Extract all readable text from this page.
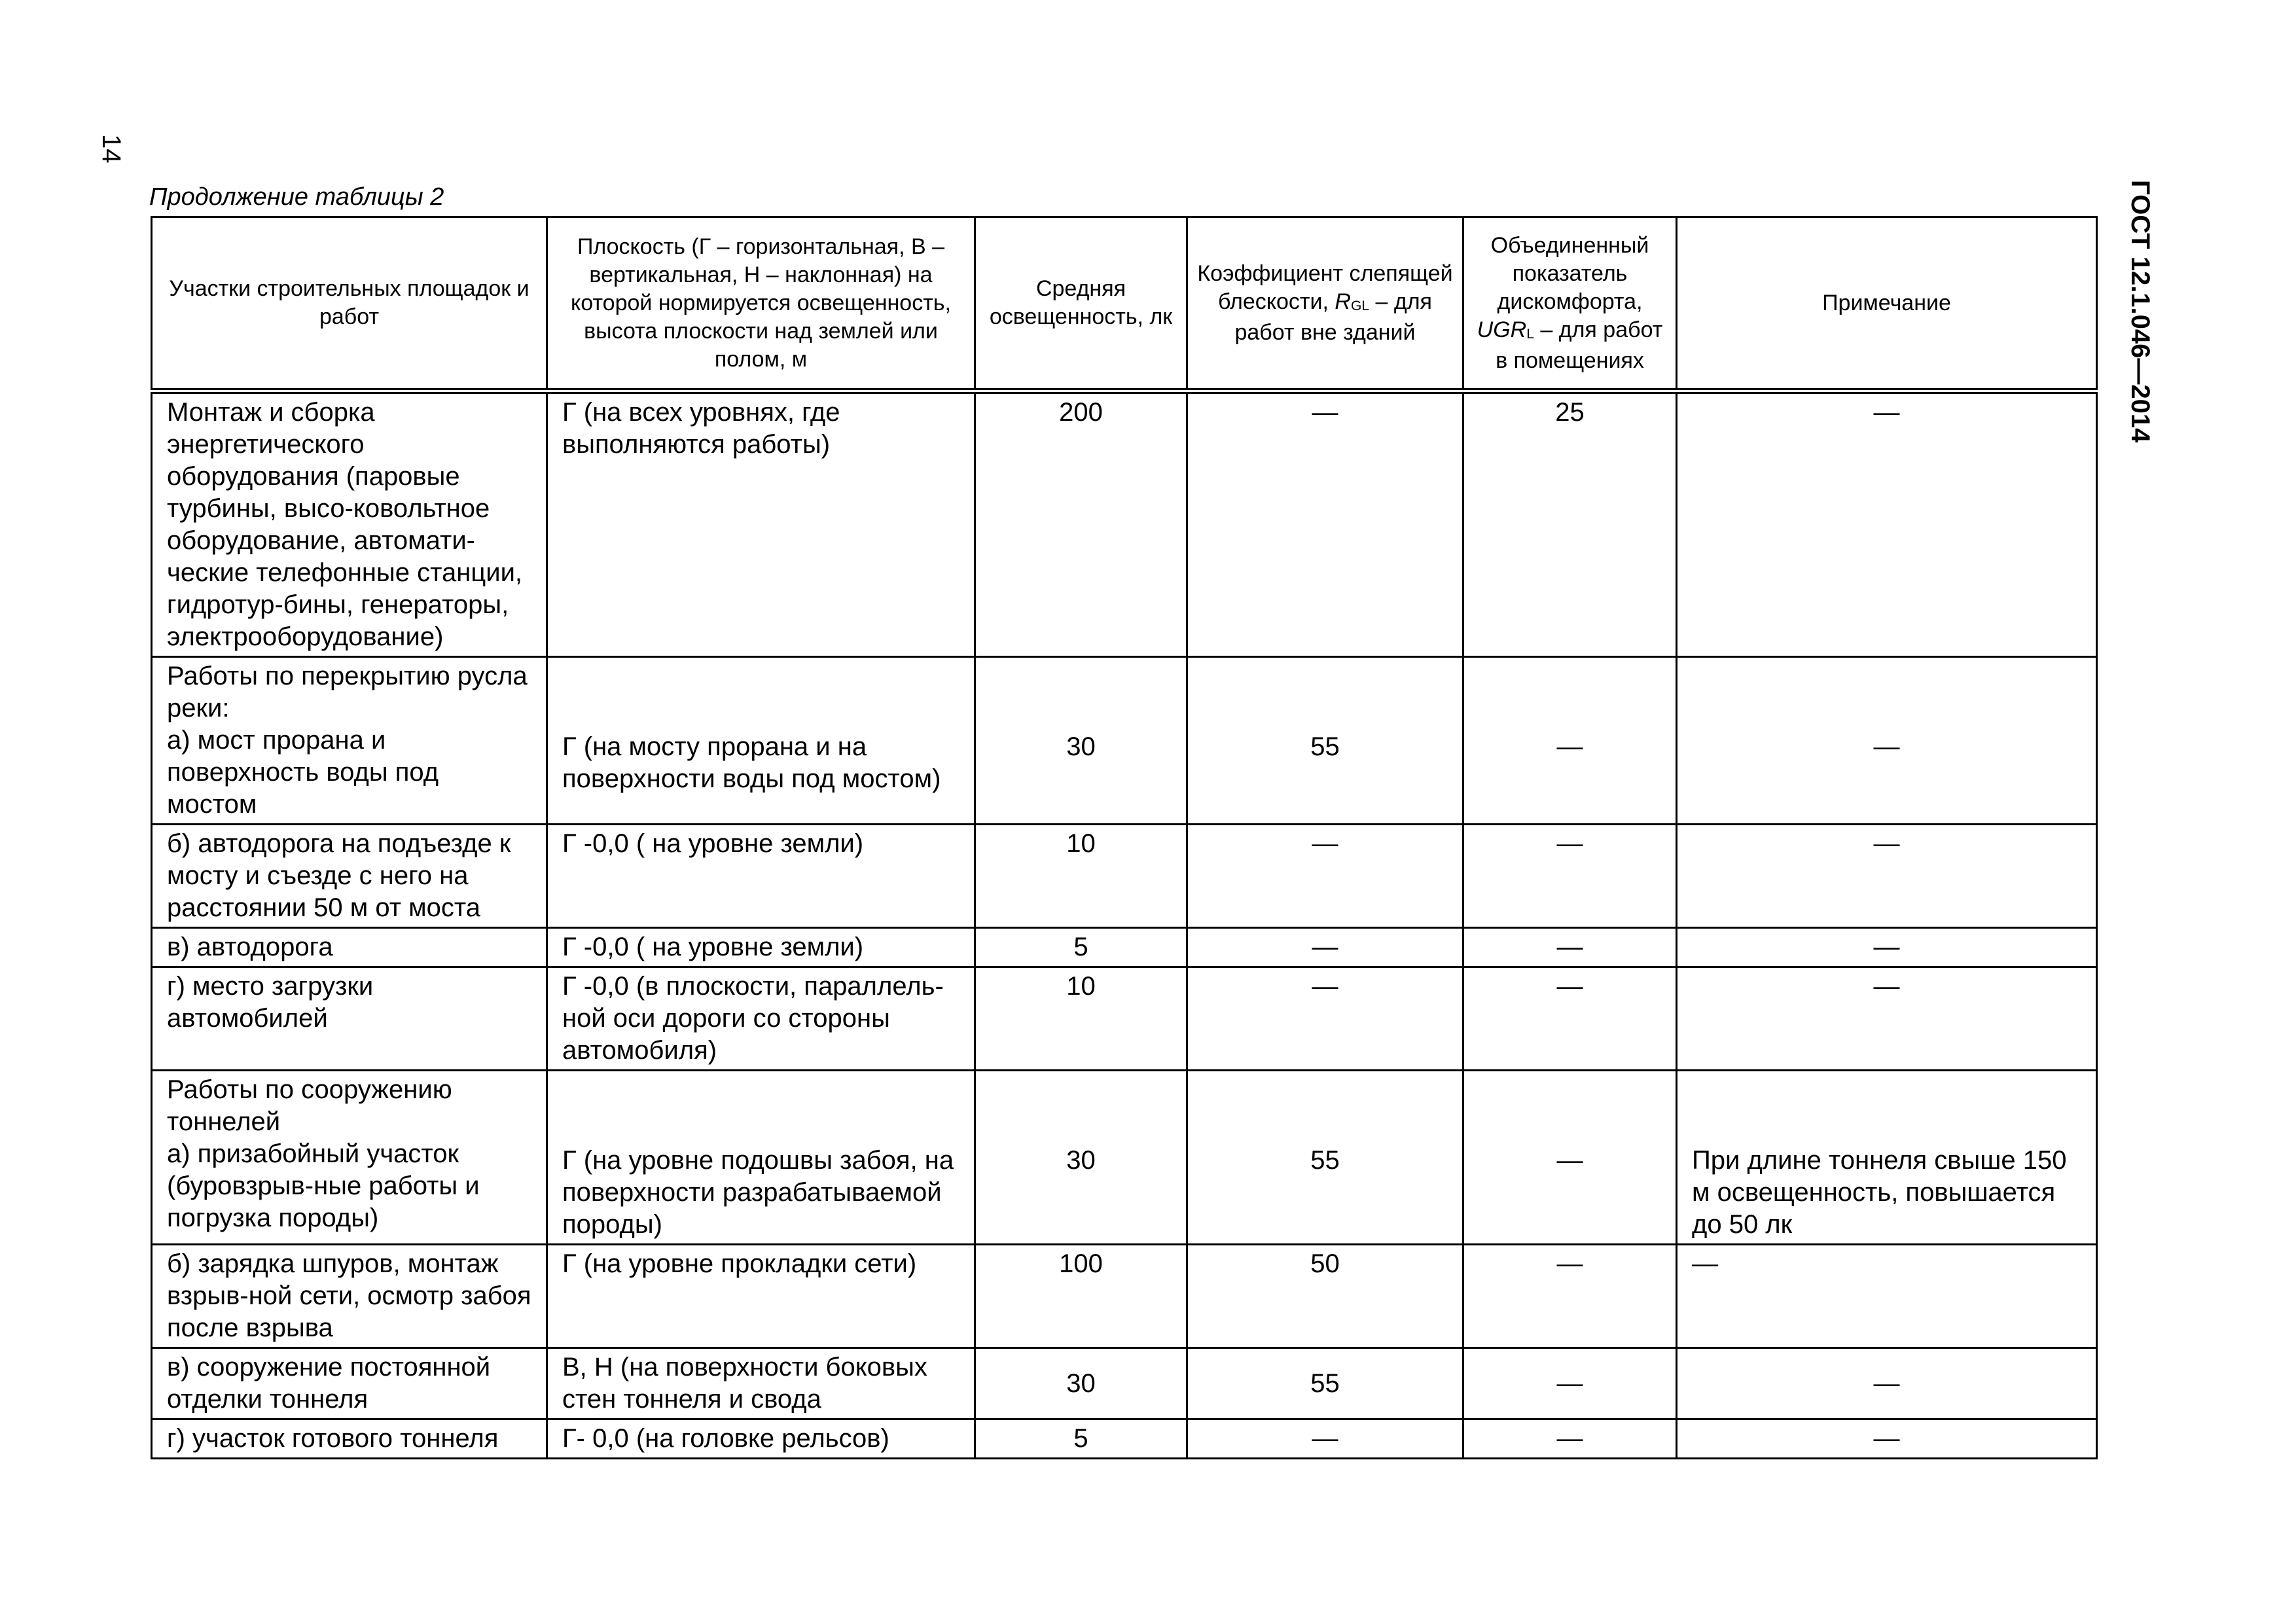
14
ГОСТ 12.1.046—2014
Продолжение таблицы 2
Участки строительных площадок и работ	Плоскость (Г – горизонтальная, В – вертикальная, Н – наклонная) на которой нормируется освещенность, высота плоскости над землей или полом, м	Средняя освещенность, лк	Коэффициент слепящей блескости, RGL – для работ вне зданий	Объединенный показатель дискомфорта, UGRL – для работ в помещениях	Примечание
Монтаж и сборка энергетического оборудования (паровые турбины, высо-ковольтное оборудование, автомати-ческие телефонные станции, гидротур-бины, генераторы, электрооборудование)	Г (на всех уровнях, где выполняются работы)	200	—	25	—

Работы по перекрытию русла реки:
а) мост прорана и поверхность воды под мостом	Г (на мосту прорана и на поверхности воды под мостом)	30	55	—	—
б) автодорога на подъезде к мосту и съезде с него на расстоянии 50 м от моста	Г -0,0 ( на уровне земли)	10	—	—	—
в) автодорога	Г -0,0 ( на уровне земли)	5	—	—	—
г) место загрузки автомобилей	Г -0,0 (в плоскости, параллель-ной оси дороги со стороны автомобиля)	10	—	—	—

Работы по сооружению тоннелей
а) призабойный участок (буровзрыв-ные работы и погрузка породы)	Г (на уровне подошвы забоя, на поверхности разрабатываемой породы)	30	55	—	При длине тоннеля свыше 150 м освещенность, повышается до 50 лк
б) зарядка шпуров, монтаж взрыв-ной сети, осмотр забоя после взрыва	Г (на уровне прокладки сети)	100	50	—	—
в) сооружение постоянной отделки тоннеля	В, Н (на поверхности боковых стен тоннеля и свода	30	55	—	—
г) участок готового тоннеля	Г- 0,0 (на головке рельсов)	5	—	—	—
